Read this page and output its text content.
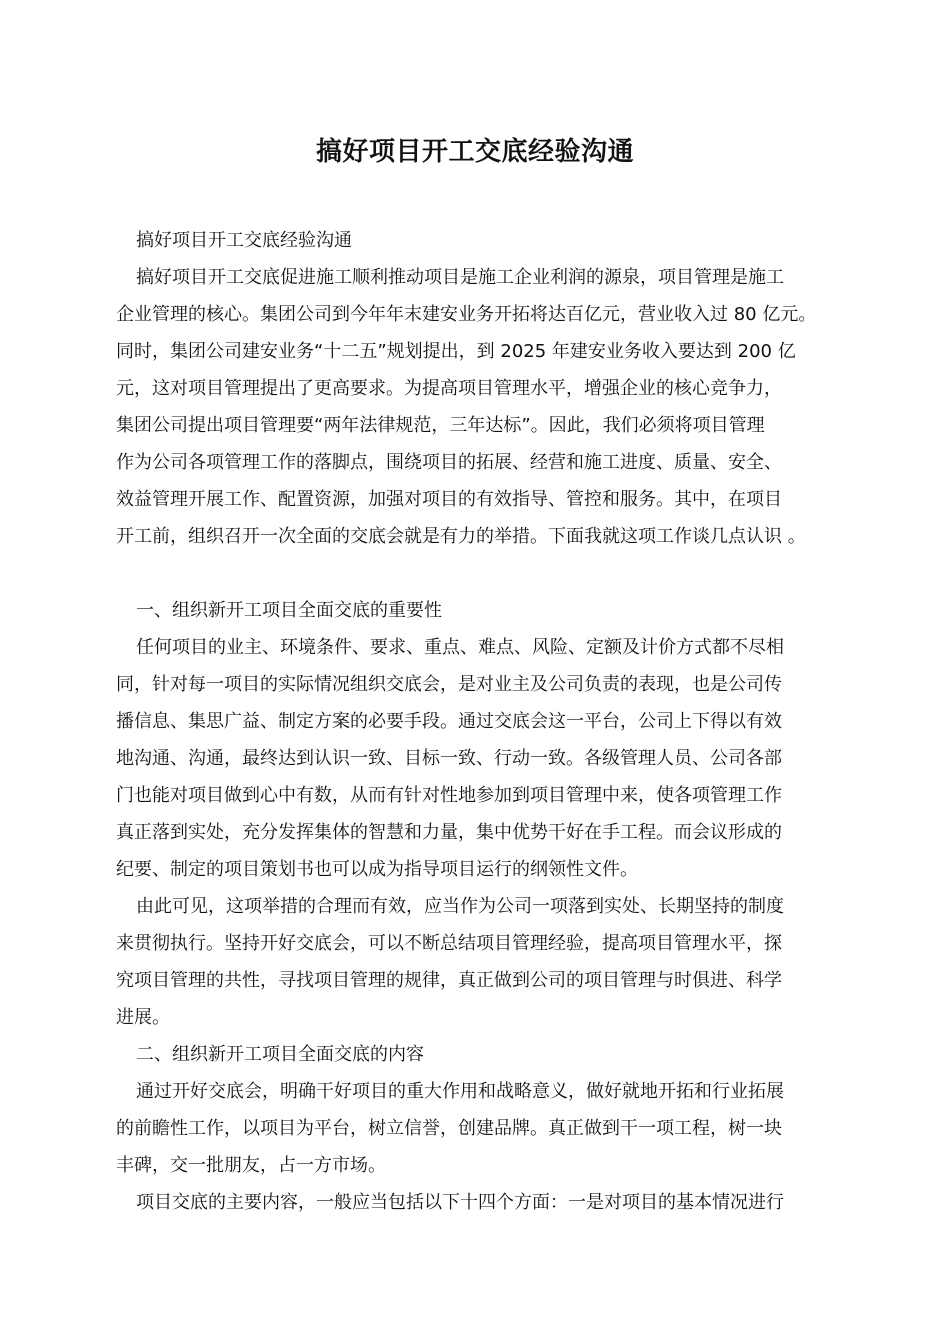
搞好项目开工交底经验沟通
搞好项目开工交底经验沟通
搞好项目开工交底促进施工顺利推动项目是施工企业利润的源泉，项目管理是施工
企业管理的核心。集团公司到今年年末建安业务开拓将达百亿元，营业收入过 80 亿元。
同时，集团公司建安业务“十二五”规划提出，到 2025 年建安业务收入要达到 200 亿
元，这对项目管理提出了更高要求。为提高项目管理水平，增强企业的核心竞争力，
集团公司提出项目管理要“两年法律规范，三年达标”。因此，我们必须将项目管理
作为公司各项管理工作的落脚点，围绕项目的拓展、经营和施工进度、质量、安全、
效益管理开展工作、配置资源，加强对项目的有效指导、管控和服务。其中，在项目
开工前，组织召开一次全面的交底会就是有力的举措。下面我就这项工作谈几点认识 。
一、组织新开工项目全面交底的重要性
任何项目的业主、环境条件、要求、重点、难点、风险、定额及计价方式都不尽相
同，针对每一项目的实际情况组织交底会，是对业主及公司负责的表现，也是公司传
播信息、集思广益、制定方案的必要手段。通过交底会这一平台，公司上下得以有效
地沟通、沟通，最终达到认识一致、目标一致、行动一致。各级管理人员、公司各部
门也能对项目做到心中有数，从而有针对性地参加到项目管理中来，使各项管理工作
真正落到实处，充分发挥集体的智慧和力量，集中优势干好在手工程。而会议形成的
纪要、制定的项目策划书也可以成为指导项目运行的纲领性文件。
由此可见，这项举措的合理而有效，应当作为公司一项落到实处、长期坚持的制度
来贯彻执行。坚持开好交底会，可以不断总结项目管理经验，提高项目管理水平，探
究项目管理的共性，寻找项目管理的规律，真正做到公司的项目管理与时俱进、科学
进展。
二、组织新开工项目全面交底的内容
通过开好交底会，明确干好项目的重大作用和战略意义，做好就地开拓和行业拓展
的前瞻性工作，以项目为平台，树立信誉，创建品牌。真正做到干一项工程，树一块
丰碑，交一批朋友，占一方市场。
项目交底的主要内容，一般应当包括以下十四个方面：一是对项目的基本情况进行
